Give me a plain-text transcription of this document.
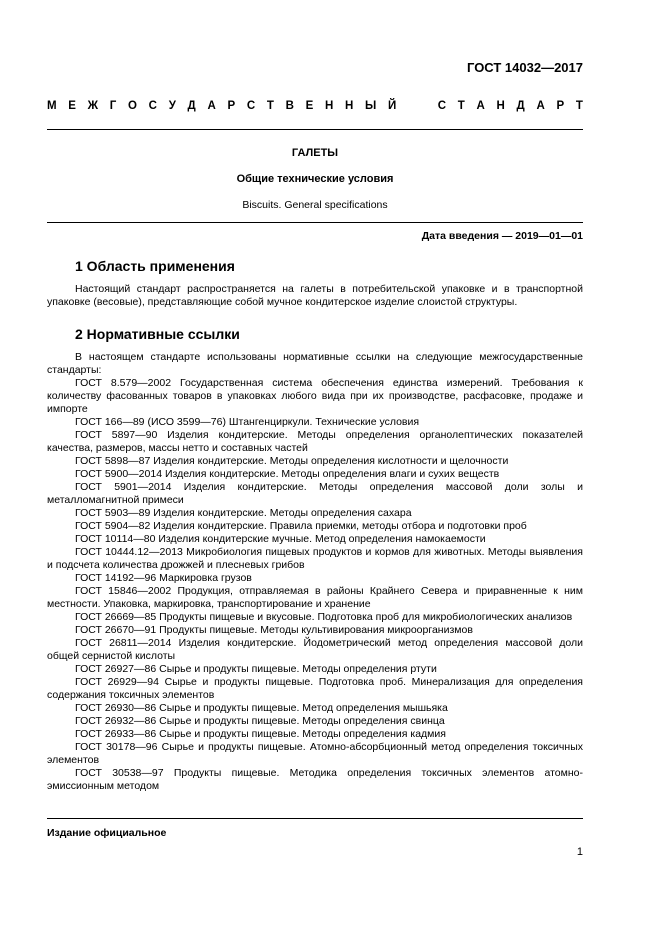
ГОСТ 14032—2017
М Е Ж Г О С У Д А Р С Т В Е Н Н Ы Й

	С Т А Н Д А Р Т
ГАЛЕТЫ
Общие технические условия
Biscuits. General specifications
Дата введения — 2019—01—01
1 Область применения

Настоящий стандарт распространяется на галеты в потребительской упаковке и в транспортной упаковке (весовые), представляющие собой мучное кондитерское изделие слоистой структуры.

2 Нормативные ссылки

В настоящем стандарте использованы нормативные ссылки на следующие межгосударственные стандарты:

ГОСТ 8.579—2002 Государственная система обеспечения единства измерений. Требования к количеству фасованных товаров в упаковках любого вида при их производстве, расфасовке, продаже и импорте

ГОСТ 166—89 (ИСО 3599—76) Штангенциркули. Технические условия

ГОСТ 5897—90 Изделия кондитерские. Методы определения органолептических показателей качества, размеров, массы нетто и составных частей

ГОСТ 5898—87 Изделия кондитерские. Методы определения кислотности и щелочности

ГОСТ 5900—2014 Изделия кондитерские. Методы определения влаги и сухих веществ

ГОСТ 5901—2014 Изделия кондитерские. Методы определения массовой доли золы и металломагнитной примеси

ГОСТ 5903—89 Изделия кондитерские. Методы определения сахара

ГОСТ 5904—82 Изделия кондитерские. Правила приемки, методы отбора и подготовки проб

ГОСТ 10114—80 Изделия кондитерские мучные. Метод определения намокаемости

ГОСТ 10444.12—2013 Микробиология пищевых продуктов и кормов для животных. Методы выявления и подсчета количества дрожжей и плесневых грибов

ГОСТ 14192—96 Маркировка грузов

ГОСТ 15846—2002 Продукция, отправляемая в районы Крайнего Севера и приравненные к ним местности. Упаковка, маркировка, транспортирование и хранение

ГОСТ 26669—85 Продукты пищевые и вкусовые. Подготовка проб для микробиологических анализов

ГОСТ 26670—91 Продукты пищевые. Методы культивирования микроорганизмов

ГОСТ 26811—2014 Изделия кондитерские. Йодометрический метод определения массовой доли общей сернистой кислоты

ГОСТ 26927—86 Сырье и продукты пищевые. Методы определения ртути

ГОСТ 26929—94 Сырье и продукты пищевые. Подготовка проб. Минерализация для определения содержания токсичных элементов

ГОСТ 26930—86 Сырье и продукты пищевые. Метод определения мышьяка

ГОСТ 26932—86 Сырье и продукты пищевые. Методы определения свинца

ГОСТ 26933—86 Сырье и продукты пищевые. Методы определения кадмия

ГОСТ 30178—96 Сырье и продукты пищевые. Атомно-абсорбционный метод определения токсичных элементов

ГОСТ 30538—97 Продукты пищевые. Методика определения токсичных элементов атомно-эмиссионным методом

Издание официальное
1
